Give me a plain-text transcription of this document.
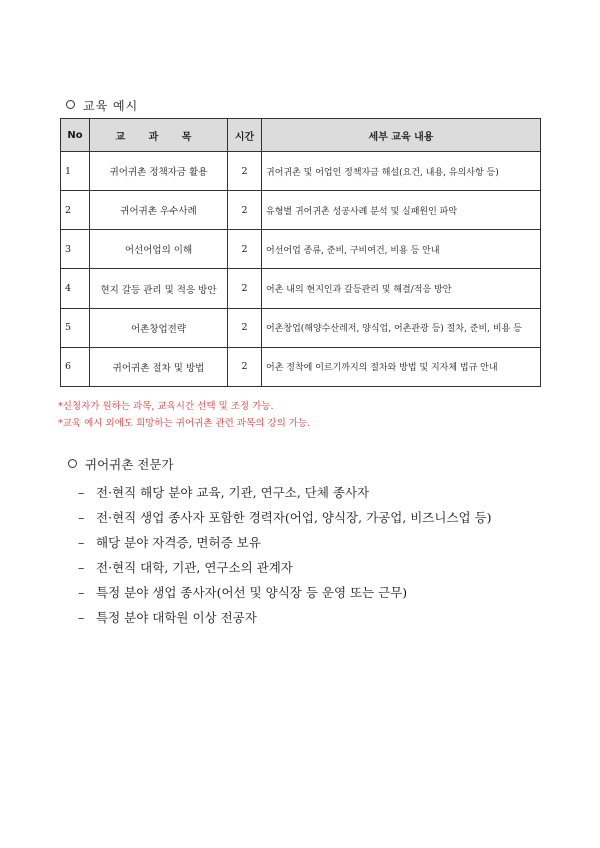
교육 예시
No	교 과 목	시간	세부 교육 내용
1	귀어귀촌 정책자금 활용	2	귀어귀촌 및 어업인 정책자금 해설(요건, 내용, 유의사항 등)
2	귀어귀촌 우수사례	2	유형별 귀어귀촌 성공사례 분석 및 실패원인 파악
3	어선어업의 이해	2	어선어업 종류, 준비, 구비여건, 비용 등 안내
4	현지 갈등 관리 및 적응 방안	2	어촌 내의 현지인과 갈등관리 및 해결/적응 방안
5	어촌창업전략	2	어촌창업(해양수산레저, 양식업, 어촌관광 등) 절차, 준비, 비용 등
6	귀어귀촌 절차 및 방법	2	어촌 정착에 이르기까지의 절차와 방법 및 지자체 법규 안내
*신청자가 원하는 과목, 교육시간 선택 및 조정 가능.
*교육 예시 외에도 희망하는 귀어귀촌 관련 과목의 강의 가능.
귀어귀촌 전문가
– 전·현직 해당 분야 교육, 기관, 연구소, 단체 종사자
– 전·현직 생업 종사자 포함한 경력자(어업, 양식장, 가공업, 비즈니스업 등)
– 해당 분야 자격증, 면허증 보유
– 전·현직 대학, 기관, 연구소의 관계자
– 특정 분야 생업 종사자(어선 및 양식장 등 운영 또는 근무)
– 특정 분야 대학원 이상 전공자
